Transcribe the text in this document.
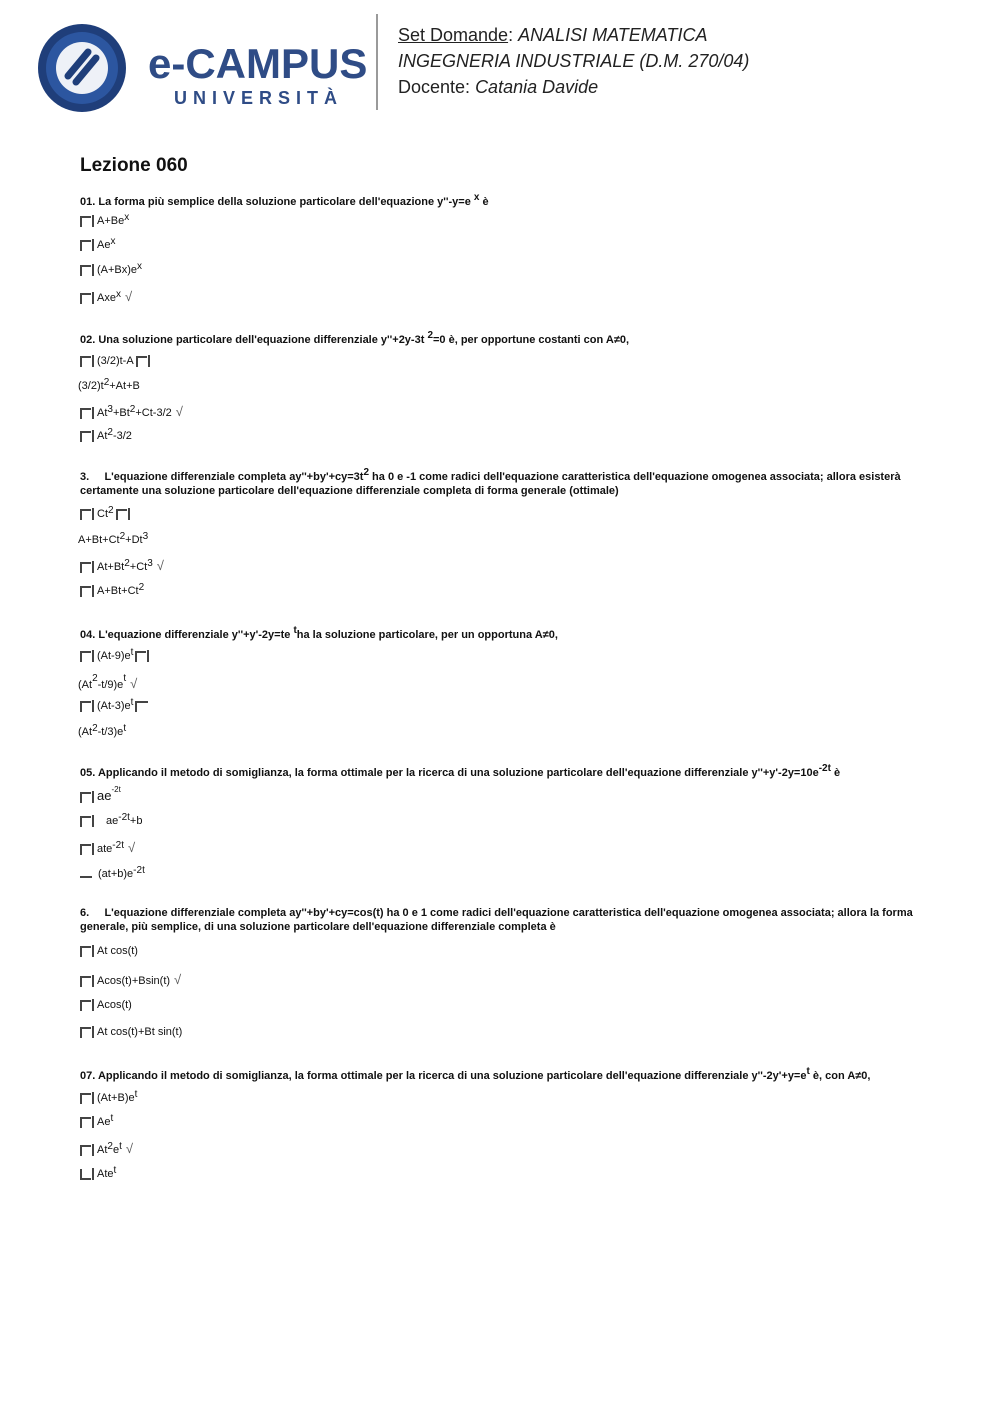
e-CAMPUS
UNIVERSITÀ
Set Domande: ANALISI MATEMATICA INGEGNERIA INDUSTRIALE (D.M. 270/04) Docente: Catania Davide
Lezione 060
01. La forma più semplice della soluzione particolare dell'equazione y''-y=e $^x$ è
$A+Be^x$
Ae$^x$
$(A+Bx)e^x$
Axe$^x$ √
02. Una soluzione particolare dell'equazione differenziale y''+2y-3t $^2$=0 è, per opportune costanti con A≠0,
(3/2)t-A
$(3/2)t^2+At+B$
$At^3+Bt^2+Ct-3/2$ √
At$^2$-3/2
3.     L'equazione differenziale completa $ay''+by'+cy=3t^2$ ha 0 e -1 come radici dell'equazione caratteristica dell'equazione omogenea associata; allora esisterà certamente una soluzione particolare dell'equazione differenziale completa di forma generale (ottimale)
Ct$^2$
$A+Bt+Ct^2+Dt^3$
$At+Bt^2+Ct^3$ √
$A+Bt+Ct^2$
04. L'equazione differenziale y''+y'-2y=te $^t$ha la soluzione particolare, per un opportuna A≠0,
$(At-9)e^t$
$(At^2-t/9)e^t$ √
$(At-3)e^t$
$(At^2-t/3)e^t$
05. Applicando il metodo di somiglianza, la forma ottimale per la ricerca di una soluzione particolare dell'equazione differenziale $y''+y'-2y=10e^{-2t}$ è
$ae^{-2t}$
$ae^{-2t}+b$
ate$^{-2t}$ √
$(at+b)e^{-2t}$
6.     L'equazione differenziale completa ay''+by'+cy=cos(t) ha 0 e 1 come radici dell'equazione caratteristica dell'equazione omogenea associata; allora la forma generale, più semplice, di una soluzione particolare dell'equazione differenziale completa è
At cos(t)
Acos(t)+Bsin(t) √
Acos(t)
At cos(t)+Bt sin(t)
07. Applicando il metodo di somiglianza, la forma ottimale per la ricerca di una soluzione particolare dell'equazione differenziale $y''-2y'+y=e^t$ è, con A≠0,
$(At+B)e^t$
Ae$^t$
$At^2e^t$ √
Ate$^t$
